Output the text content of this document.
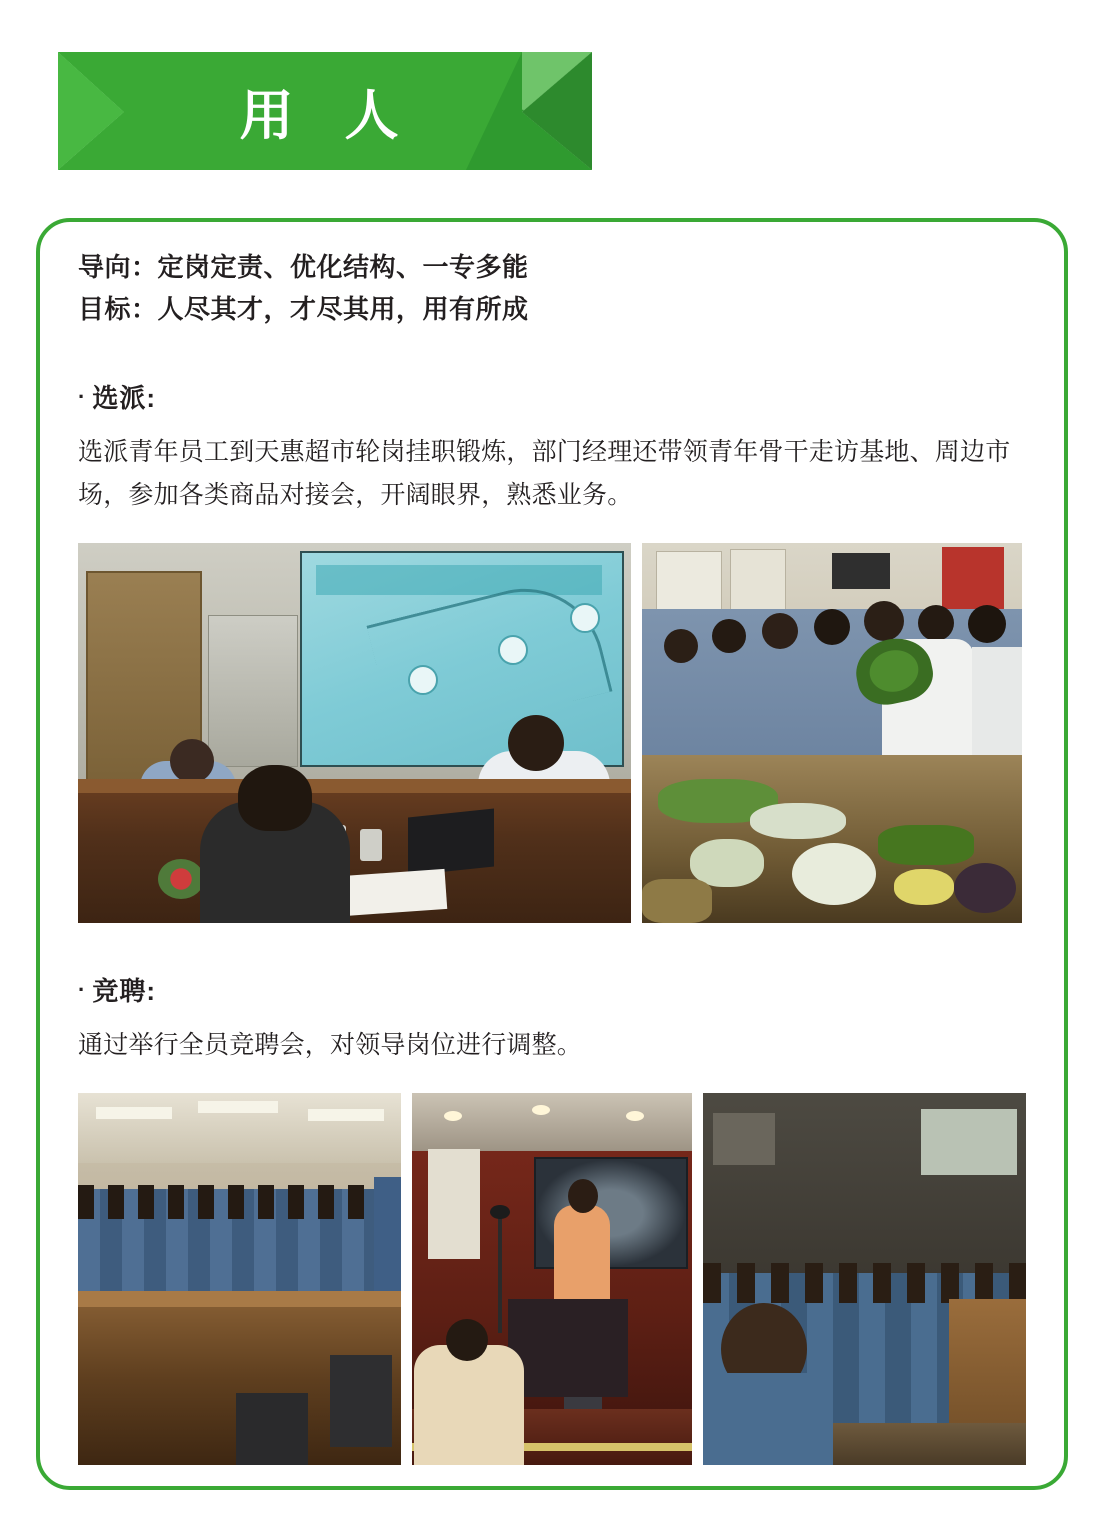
用 人
导向：定岗定责、优化结构、一专多能
目标：人尽其才，才尽其用，用有所成
· 选派:
选派青年员工到天惠超市轮岗挂职锻炼，部门经理还带领青年骨干走访基地、周边市场，参加各类商品对接会，开阔眼界，熟悉业务。
· 竞聘:
通过举行全员竞聘会，对领导岗位进行调整。
